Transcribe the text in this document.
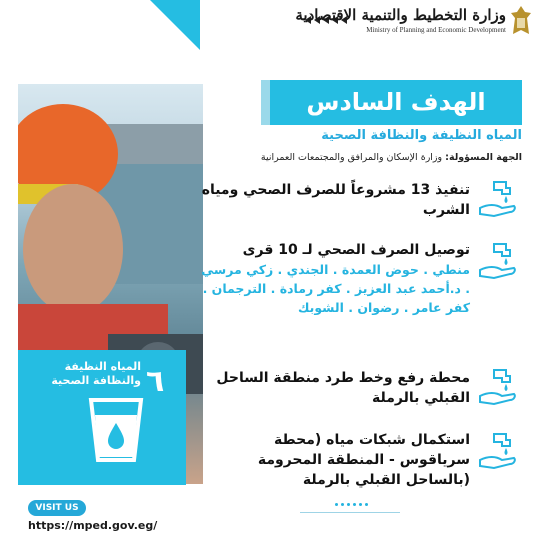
وزارة التخطيط والتنمية الاقتصادية
Ministry of Planning and Economic Development
٦
المياه النظيفة والنظافة الصحية
الهدف السادس
المياه النظيفة والنظافة الصحية
الجهة المسؤولة: وزارة الإسكان والمرافق والمجتمعات العمرانية
تنفيذ 13 مشروعاً للصرف الصحي ومياه الشرب
توصيل الصرف الصحي لـ 10 قرى
منطي . حوض العمدة . الجندي . زكي مرسي . د.أحمد عبد العزيز . كفر رمادة . الترجمان . كفر عامر . رضوان . الشوبك
محطة رفع وخط طرد منطقة الساحل القبلي بالرملة
استكمال شبكات مياه (محطة سرياقوس - المنطقة المحرومة (بالساحل القبلي بالرملة
VISIT US
https://mped.gov.eg/
